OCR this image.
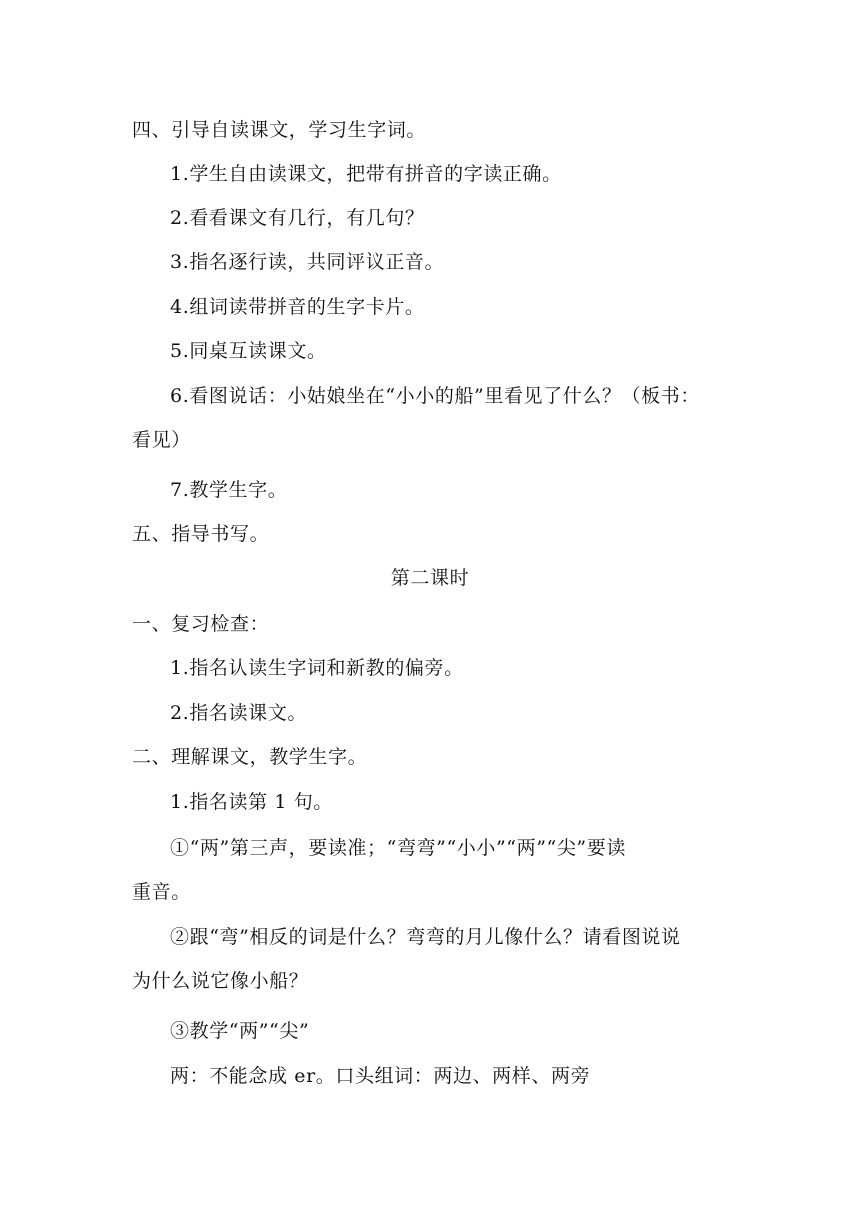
四、引导自读课文，学习生字词。
1.学生自由读课文，把带有拼音的字读正确。
2.看看课文有几行，有几句？
3.指名逐行读，共同评议正音。
4.组词读带拼音的生字卡片。
5.同桌互读课文。
6.看图说话：小姑娘坐在“小小的船”里看见了什么？（板书：
看见）
7.教学生字。
五、指导书写。
第二课时
一、复习检查：
1.指名认读生字词和新教的偏旁。
2.指名读课文。
二、理解课文，教学生字。
1.指名读第 1 句。
①“两”第三声，要读准；“弯弯”“小小”“两”“尖”要读
重音。
②跟“弯”相反的词是什么？弯弯的月儿像什么？请看图说说
为什么说它像小船？
③教学“两”“尖”
两：不能念成 er。口头组词：两边、两样、两旁
